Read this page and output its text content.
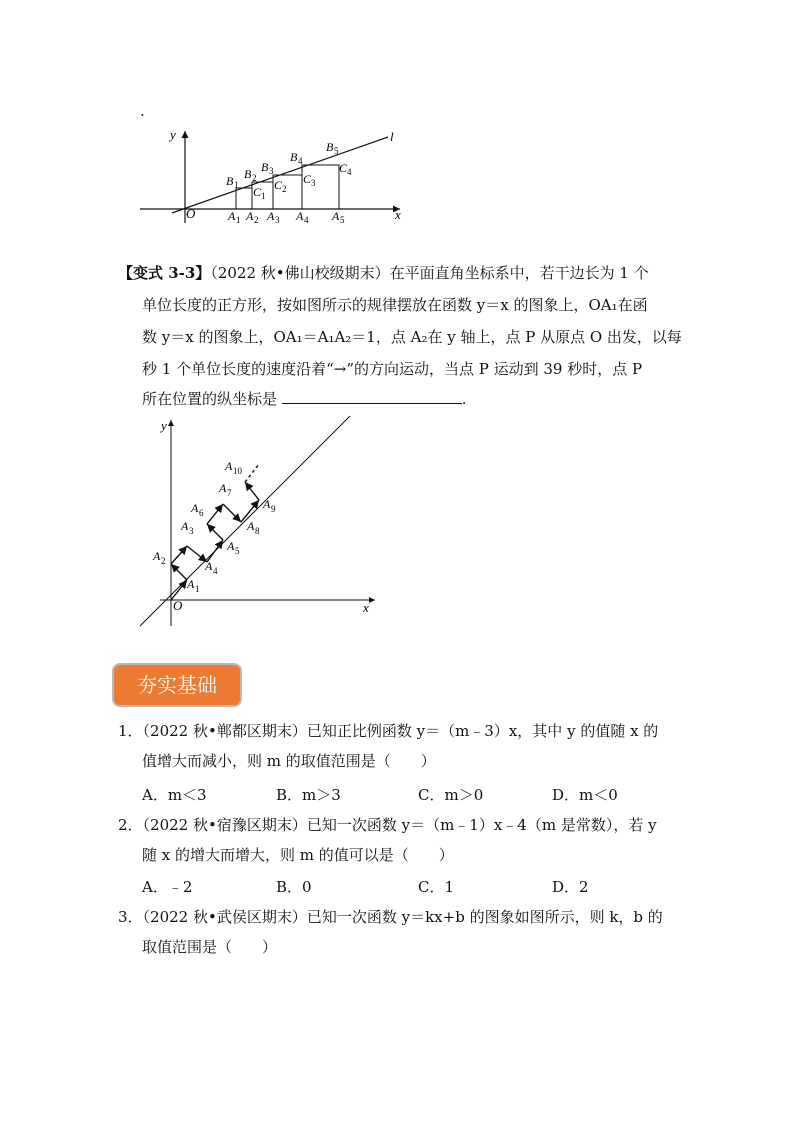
.
y
x
l
O
B 1
B 2
B 3
B 4
B 5
C 1
C 2
C 3
C 4
A 1 A 2 A 3 A 4 A 5
【变式 3-3】（2022 秋•佛山校级期末）在平面直角坐标系中，若干边长为 1 个
单位长度的正方形，按如图所示的规律摆放在函数 y＝x 的图象上，OA₁在函
数 y＝x 的图象上，OA₁＝A₁A₂＝1，点 A₂在 y 轴上，点 P 从原点 O 出发，以每
秒 1 个单位长度的速度沿着“→”的方向运动，当点 P 运动到 39 秒时，点 P
所在位置的纵坐标是	.
y
x
O
A 1
A 2
A 3
A 4
A 5
A 6
A 7
A 8
A 9
A 10
夯实基础
1．（2022 秋•郸都区期末）已知正比例函数 y＝（m﹣3）x，其中 y 的值随 x 的
值增大而减小，则 m 的取值范围是（　　）
A．m＜3	B．m＞3	C．m＞0	D．m＜0
2．（2022 秋•宿豫区期末）已知一次函数 y＝（m﹣1）x﹣4（m 是常数），若 y
随 x 的增大而增大，则 m 的值可以是（　　）
A．﹣2	B．0	C．1	D．2
3．（2022 秋•武侯区期末）已知一次函数 y＝kx+b 的图象如图所示，则 k，b 的
取值范围是（　　）
